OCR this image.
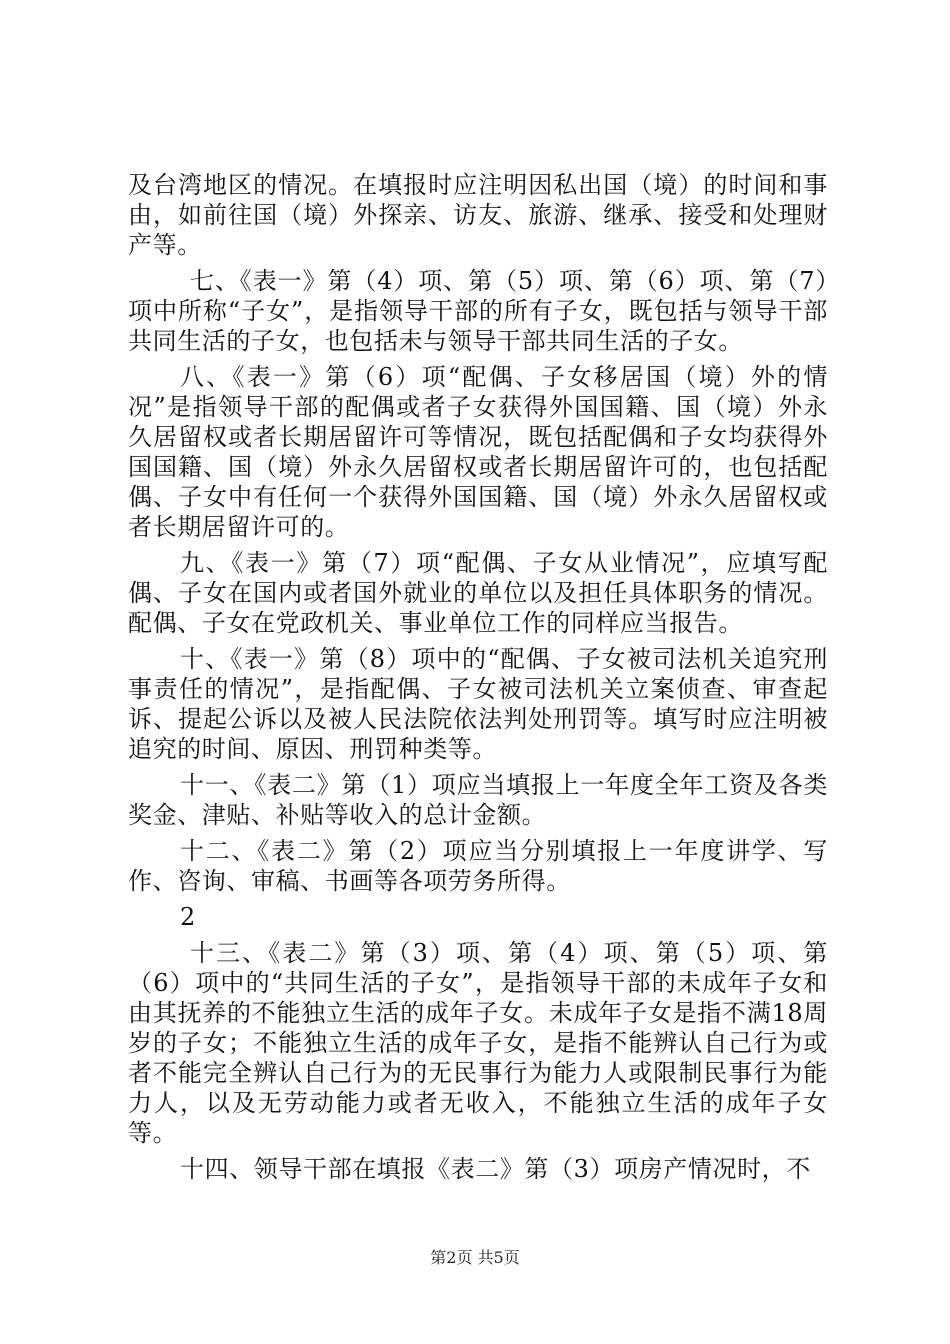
及台湾地区的情况。在填报时应注明因私出国（境）的时间和事由，如前往国（境）外探亲、访友、旅游、继承、接受和处理财产等。

七、《表一》第（4）项、第（5）项、第（6）项、第（7）项中所称“子女”，是指领导干部的所有子女，既包括与领导干部共同生活的子女，也包括未与领导干部共同生活的子女。

八、《表一》第（6）项“配偶、子女移居国（境）外的情况”是指领导干部的配偶或者子女获得外国国籍、国（境）外永久居留权或者长期居留许可等情况，既包括配偶和子女均获得外国国籍、国（境）外永久居留权或者长期居留许可的，也包括配偶、子女中有任何一个获得外国国籍、国（境）外永久居留权或者长期居留许可的。

九、《表一》第（7）项“配偶、子女从业情况”，应填写配偶、子女在国内或者国外就业的单位以及担任具体职务的情况。配偶、子女在党政机关、事业单位工作的同样应当报告。

十、《表一》第（8）项中的“配偶、子女被司法机关追究刑事责任的情况”，是指配偶、子女被司法机关立案侦查、审查起诉、提起公诉以及被人民法院依法判处刑罚等。填写时应注明被追究的时间、原因、刑罚种类等。

十一、《表二》第（1）项应当填报上一年度全年工资及各类奖金、津贴、补贴等收入的总计金额。

十二、《表二》第（2）项应当分别填报上一年度讲学、写作、咨询、审稿、书画等各项劳务所得。

2

十三、《表二》第（3）项、第（4）项、第（5）项、第（6）项中的“共同生活的子女”，是指领导干部的未成年子女和由其抚养的不能独立生活的成年子女。未成年子女是指不满18周岁的子女；不能独立生活的成年子女，是指不能辨认自己行为或者不能完全辨认自己行为的无民事行为能力人或限制民事行为能力人，以及无劳动能力或者无收入，不能独立生活的成年子女等。

十四、领导干部在填报《表二》第（3）项房产情况时，不

第2页 共5页
